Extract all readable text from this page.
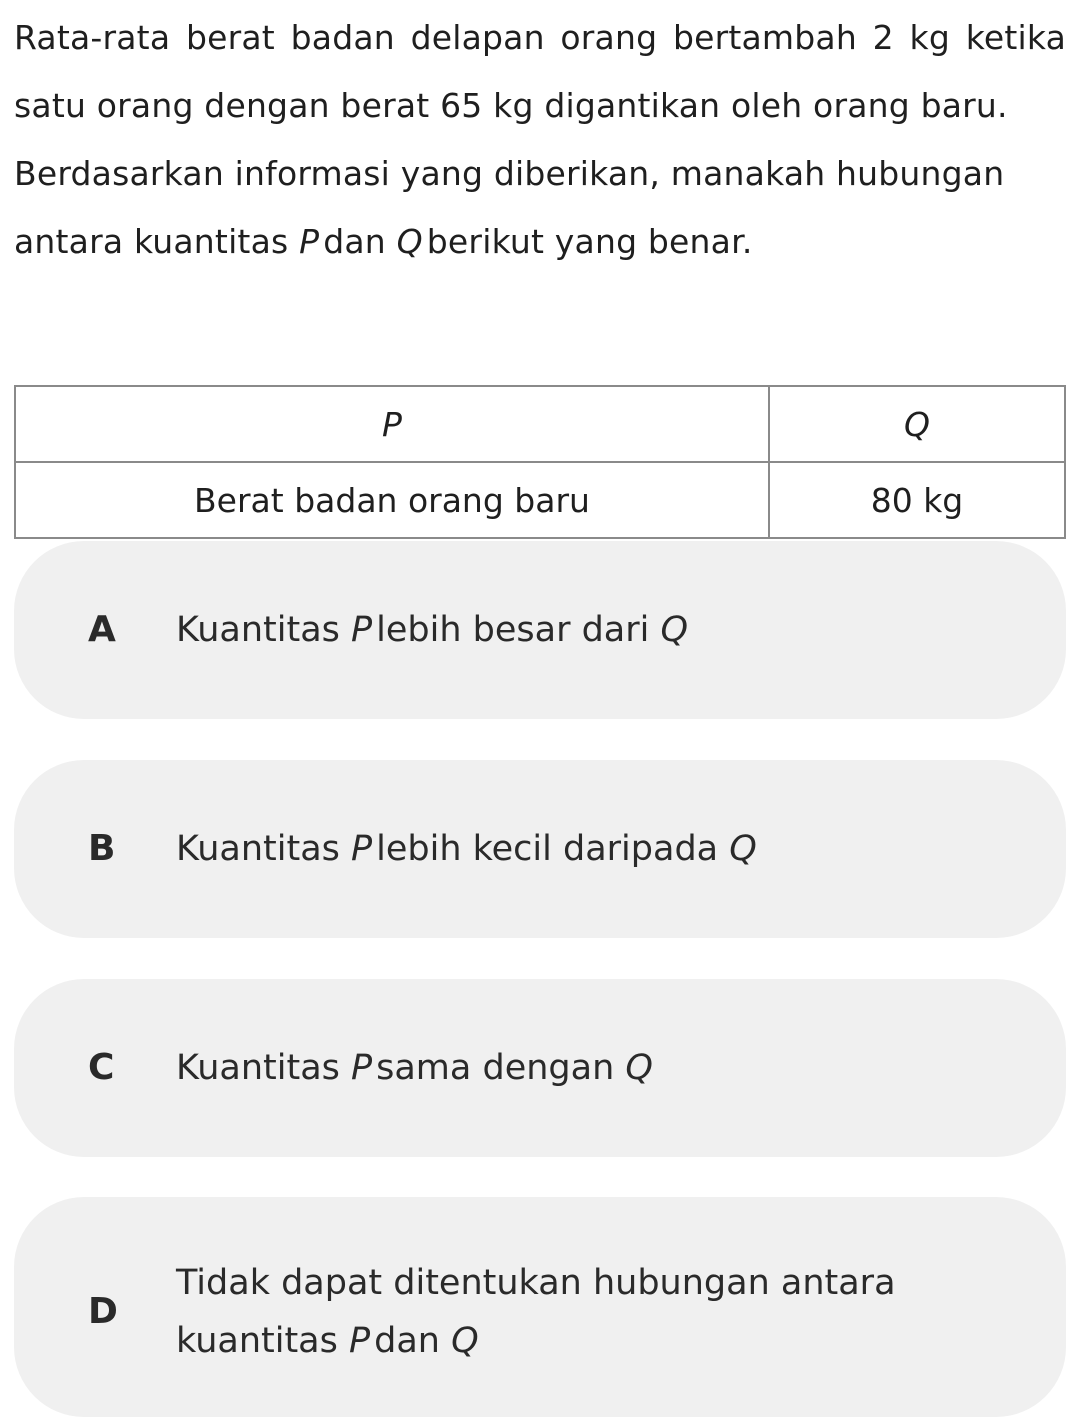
Rata-rata berat badan delapan orang bertambah 2 kg ketika satu orang dengan berat 65 kg digantikan oleh orang baru.

Berdasarkan informasi yang diberikan, manakah hubungan antara kuantitas P dan Q berikut yang benar.

P	Q
Berat badan orang baru	80 kg
A Kuantitas P lebih besar dari Q
B Kuantitas P lebih kecil daripada Q
C Kuantitas P sama dengan Q
D
Tidak dapat ditentukan hubungan antara
kuantitas P dan Q
